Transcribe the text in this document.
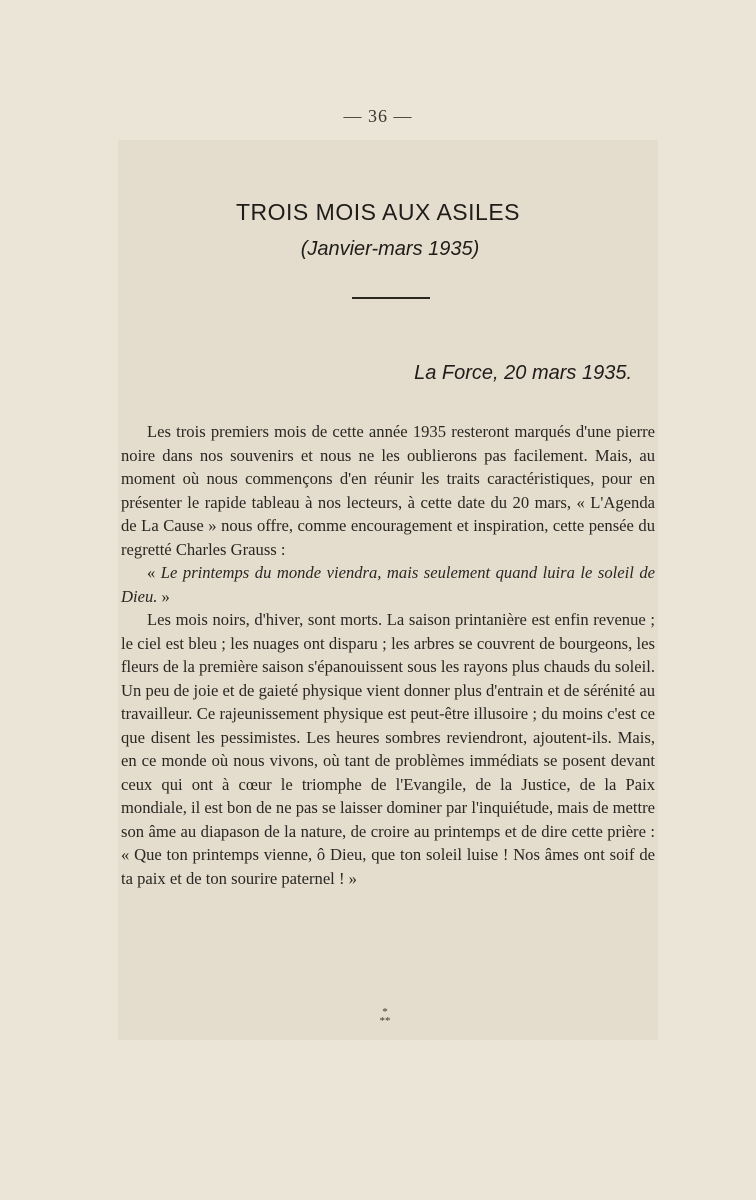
— 36 —
TROIS MOIS AUX ASILES
(Janvier-mars 1935)
La Force, 20 mars 1935.

Les trois premiers mois de cette année 1935 resteront marqués d'une pierre noire dans nos souvenirs et nous ne les oublierons pas facilement. Mais, au moment où nous commençons d'en réunir les traits caractéristiques, pour en présenter le rapide tableau à nos lecteurs, à cette date du 20 mars, « L'Agenda de La Cause » nous offre, comme encouragement et inspiration, cette pensée du regretté Charles Grauss :

« Le printemps du monde viendra, mais seulement quand luira le soleil de Dieu. »

Les mois noirs, d'hiver, sont morts. La saison printanière est enfin revenue ; le ciel est bleu ; les nuages ont disparu ; les arbres se couvrent de bourgeons, les fleurs de la première saison s'épanouissent sous les rayons plus chauds du soleil. Un peu de joie et de gaieté physique vient donner plus d'entrain et de sérénité au travailleur. Ce rajeunissement physique est peut-être illusoire ; du moins c'est ce que disent les pessimistes. Les heures sombres reviendront, ajoutent-ils. Mais, en ce monde où nous vivons, où tant de problèmes immédiats se posent devant ceux qui ont à cœur le triomphe de l'Evangile, de la Justice, de la Paix mondiale, il est bon de ne pas se laisser dominer par l'inquiétude, mais de mettre son âme au diapason de la nature, de croire au printemps et de dire cette prière : « Que ton printemps vienne, ô Dieu, que ton soleil luise ! Nos âmes ont soif de ta paix et de ton sourire paternel ! »

*
**
